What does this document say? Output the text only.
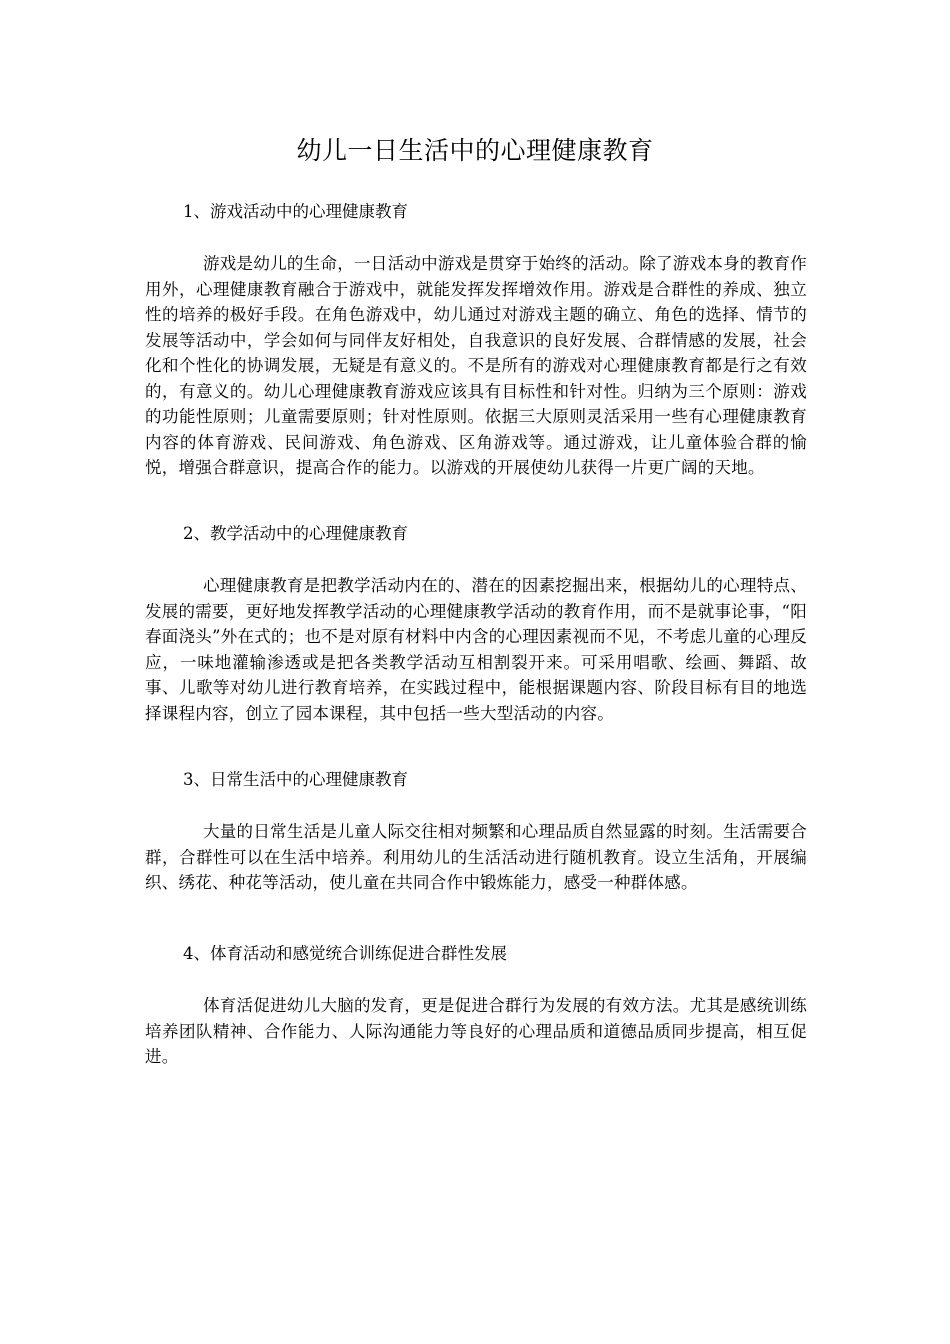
幼儿一日生活中的心理健康教育
1、游戏活动中的心理健康教育

游戏是幼儿的生命，一日活动中游戏是贯穿于始终的活动。除了游戏本身的教育作用外，心理健康教育融合于游戏中，就能发挥发挥增效作用。游戏是合群性的养成、独立性的培养的极好手段。在角色游戏中，幼儿通过对游戏主题的确立、角色的选择、情节的发展等活动中，学会如何与同伴友好相处，自我意识的良好发展、合群情感的发展，社会化和个性化的协调发展，无疑是有意义的。不是所有的游戏对心理健康教育都是行之有效的，有意义的。幼儿心理健康教育游戏应该具有目标性和针对性。归纳为三个原则：游戏的功能性原则；儿童需要原则；针对性原则。依据三大原则灵活采用一些有心理健康教育内容的体育游戏、民间游戏、角色游戏、区角游戏等。通过游戏，让儿童体验合群的愉悦，增强合群意识，提高合作的能力。以游戏的开展使幼儿获得一片更广阔的天地。

2、教学活动中的心理健康教育

心理健康教育是把教学活动内在的、潜在的因素挖掘出来，根据幼儿的心理特点、发展的需要，更好地发挥教学活动的心理健康教学活动的教育作用，而不是就事论事，“阳春面浇头”外在式的；也不是对原有材料中内含的心理因素视而不见，不考虑儿童的心理反应，一味地灌输渗透或是把各类教学活动互相割裂开来。可采用唱歌、绘画、舞蹈、故事、儿歌等对幼儿进行教育培养，在实践过程中，能根据课题内容、阶段目标有目的地选择课程内容，创立了园本课程，其中包括一些大型活动的内容。

3、日常生活中的心理健康教育

大量的日常生活是儿童人际交往相对频繁和心理品质自然显露的时刻。生活需要合群，合群性可以在生活中培养。利用幼儿的生活活动进行随机教育。设立生活角，开展编织、绣花、种花等活动，使儿童在共同合作中锻炼能力，感受一种群体感。

4、体育活动和感觉统合训练促进合群性发展

体育活促进幼儿大脑的发育，更是促进合群行为发展的有效方法。尤其是感统训练培养团队精神、合作能力、人际沟通能力等良好的心理品质和道德品质同步提高，相互促进。
